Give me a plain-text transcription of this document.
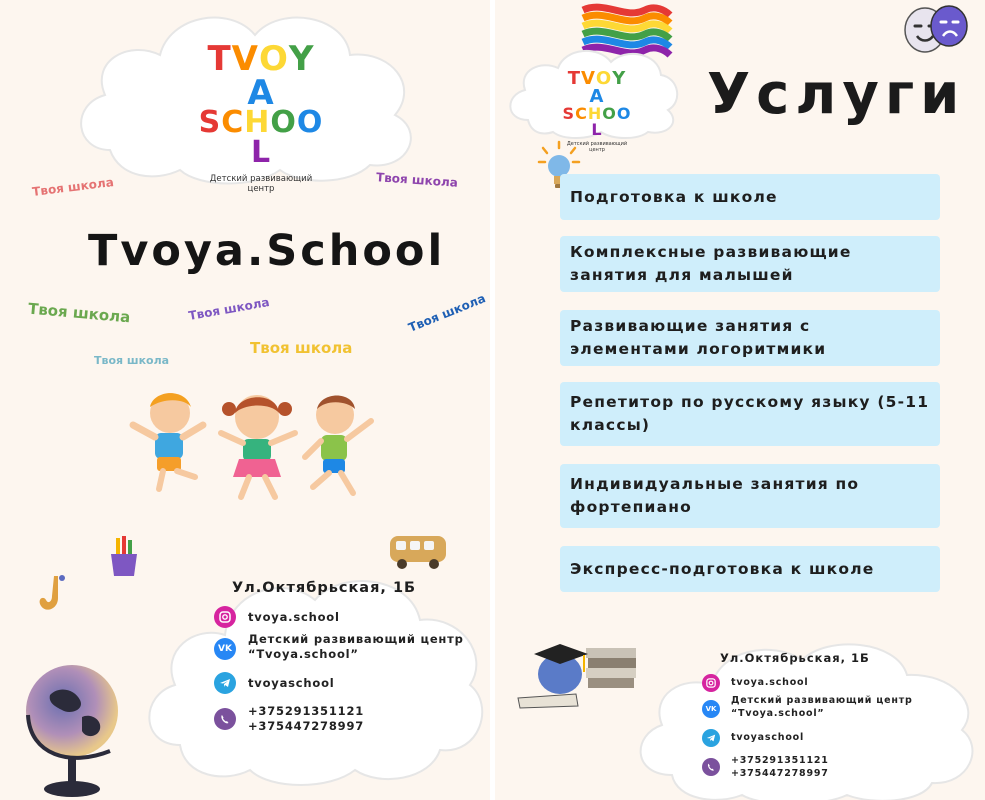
TVOYA
SCHOOL
Детский развивающий центр
Твоя школа	Твоя школа
Твоя школа	Твоя школа	Твоя школа
Твоя школа
Твоя школа
Tvoya.School
Ул.Октябрьская, 1Б
tvoya.school
VK
Детский развивающий центр
“Tvoya.school”
tvoyaschool
+375291351121
+375447278997
TVOYA
SCHOOL
Детский развивающий центр
Услуги
Подготовка к школе
Комплексные развивающие
занятия для малышей
Развивающие занятия с
элементами логоритмики
Репетитор по русскому языку (5-11
классы)
Индивидуальные занятия по
фортепиано
Экспресс-подготовка к школе
Ул.Октябрьская, 1Б
tvoya.school
VK
Детский развивающий центр
“Tvoya.school”
tvoyaschool
+375291351121
+375447278997
